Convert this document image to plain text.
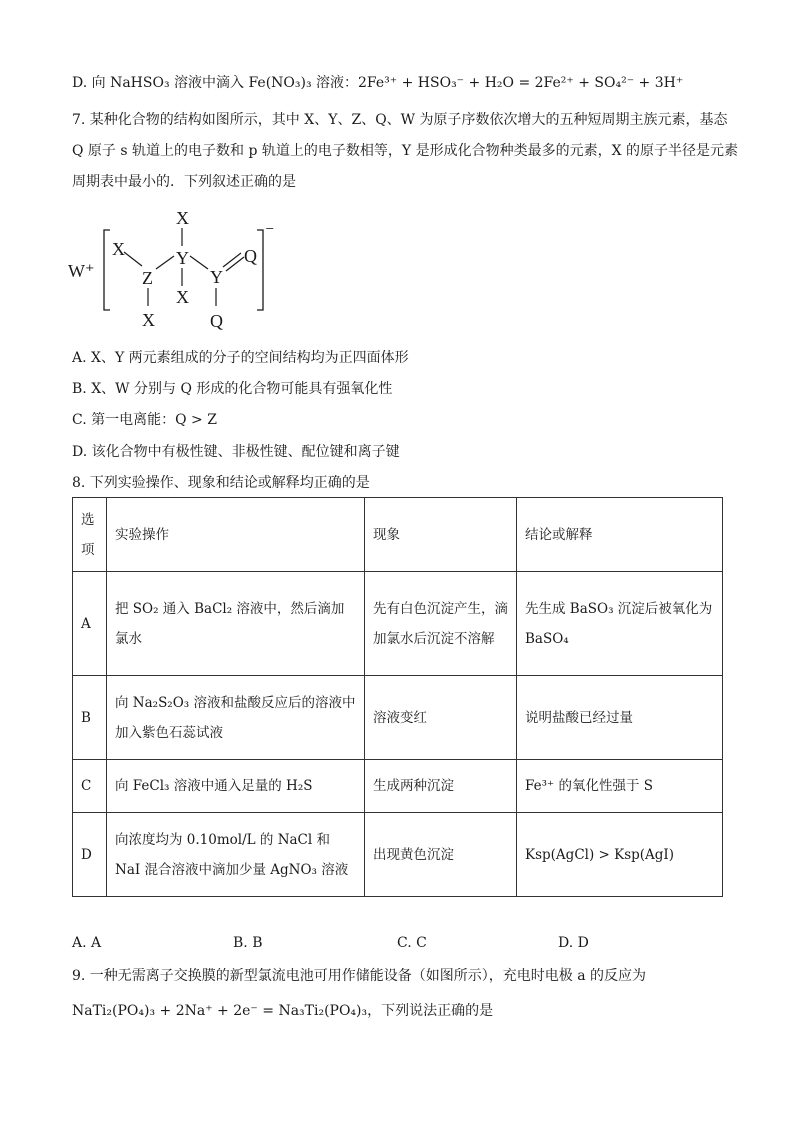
D. 向 NaHSO₃ 溶液中滴入 Fe(NO₃)₃ 溶液：2Fe³⁺ + HSO₃⁻ + H₂O = 2Fe²⁺ + SO₄²⁻ + 3H⁺
7. 某种化合物的结构如图所示，其中 X、Y、Z、Q、W 为原子序数依次增大的五种短周期主族元素，基态
Q 原子 s 轨道上的电子数和 p 轨道上的电子数相等，Y 是形成化合物种类最多的元素，X 的原子半径是元素
周期表中最小的．下列叙述正确的是
W⁺
⁻
X
Y
X
X
Z
X
Y
Q
Q
A. X、Y 两元素组成的分子的空间结构均为正四面体形
B. X、W 分别与 Q 形成的化合物可能具有强氧化性
C. 第一电离能：Q > Z
D. 该化合物中有极性键、非极性键、配位键和离子键
8. 下列实验操作、现象和结论或解释均正确的是
选项	实验操作	现象	结论或解释
A	把 SO₂ 通入 BaCl₂ 溶液中，然后滴加氯水	先有白色沉淀产生，滴加氯水后沉淀不溶解	先生成 BaSO₃ 沉淀后被氧化为 BaSO₄
B	向 Na₂S₂O₃ 溶液和盐酸反应后的溶液中加入紫色石蕊试液	溶液变红	说明盐酸已经过量
C	向 FeCl₃ 溶液中通入足量的 H₂S	生成两种沉淀	Fe³⁺ 的氧化性强于 S
D	向浓度均为 0.10mol/L 的 NaCl 和 NaI 混合溶液中滴加少量 AgNO₃ 溶液	出现黄色沉淀	Ksp(AgCl) > Ksp(AgI)
A. A	B. B	C. C	D. D
9. 一种无需离子交换膜的新型氯流电池可用作储能设备（如图所示），充电时电极 a 的反应为
NaTi₂(PO₄)₃ + 2Na⁺ + 2e⁻ = Na₃Ti₂(PO₄)₃，下列说法正确的是
